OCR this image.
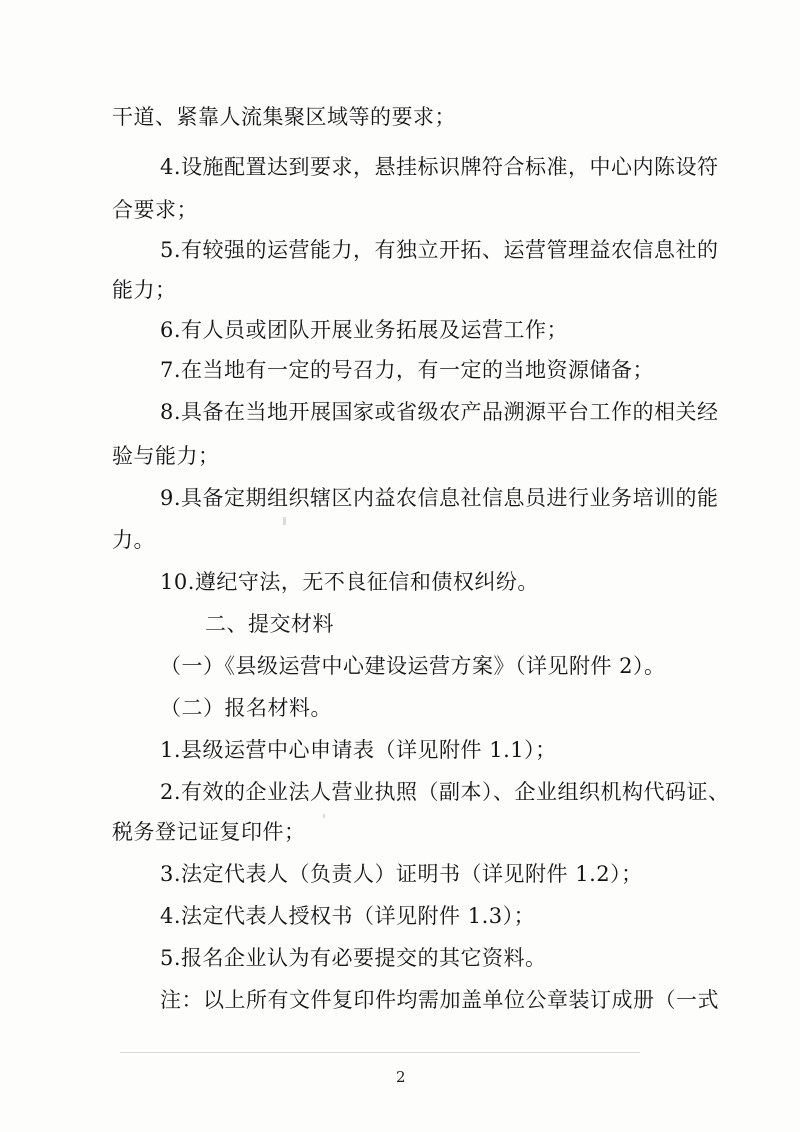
干道、紧靠人流集聚区域等的要求；
4.设施配置达到要求，悬挂标识牌符合标准，中心内陈设符
合要求；
5.有较强的运营能力，有独立开拓、运营管理益农信息社的
能力；
6.有人员或团队开展业务拓展及运营工作；
7.在当地有一定的号召力，有一定的当地资源储备；
8.具备在当地开展国家或省级农产品溯源平台工作的相关经
验与能力；
9.具备定期组织辖区内益农信息社信息员进行业务培训的能
力。
10.遵纪守法，无不良征信和债权纠纷。
二、提交材料
（一）《县级运营中心建设运营方案》（详见附件 2）。
（二）报名材料。
1.县级运营中心申请表（详见附件 1.1）；
2.有效的企业法人营业执照（副本）、企业组织机构代码证、
税务登记证复印件；
3.法定代表人（负责人）证明书（详见附件 1.2）；
4.法定代表人授权书（详见附件 1.3）；
5.报名企业认为有必要提交的其它资料。
注：以上所有文件复印件均需加盖单位公章装订成册（一式
2
